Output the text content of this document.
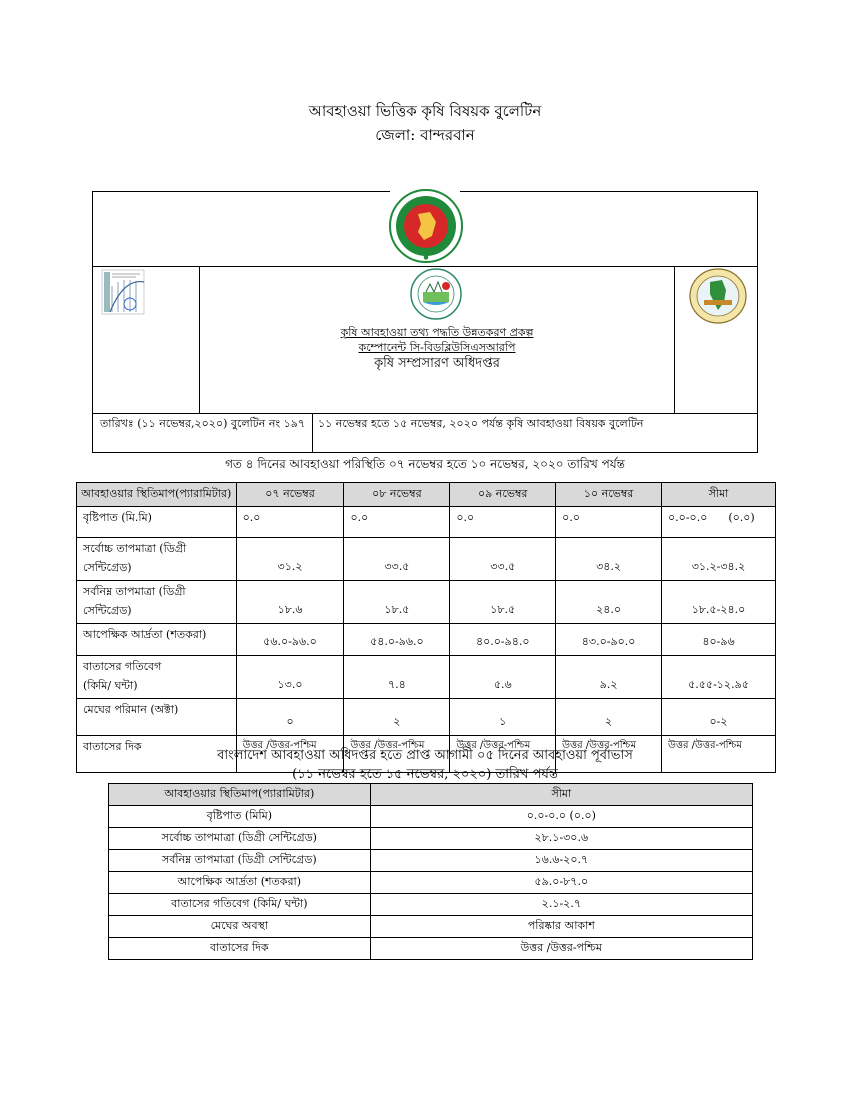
আবহাওয়া ভিত্তিক কৃষি বিষয়ক বুলেটিন
জেলা: বান্দরবান
●
কৃষি আবহাওয়া তথ্য পদ্ধতি উন্নতকরণ প্রকল্প
কম্পোনেন্ট সি-বিডব্লিউসিএসআরপি
কৃষি সম্প্রসারণ অধিদপ্তর
তারিখঃ (১১ নভেম্বর,২০২০) বুলেটিন নং ১৯৭ ১১ নভেম্বর হতে ১৫ নভেম্বর, ২০২০ পর্যন্ত কৃষি আবহাওয়া বিষয়ক বুলেটিন
গত ৪ দিনের আবহাওয়া পরিস্থিতি ০৭ নভেম্বর হতে ১০ নভেম্বর, ২০২০ তারিখ পর্যন্ত
আবহাওয়ার স্থিতিমাপ(প্যারামিটার)	০৭ নভেম্বর	০৮ নভেম্বর	০৯ নভেম্বর	১০ নভেম্বর	সীমা
বৃষ্টিপাত (মি.মি)	০.০	০.০	০.০	০.০	০.০-০.০      (০.০)
সর্বোচ্চ তাপমাত্রা (ডিগ্রী সেন্টিগ্রেড)	৩১.২	৩৩.৫	৩৩.৫	৩৪.২	৩১.২-৩৪.২
সর্বনিম্ন তাপমাত্রা (ডিগ্রী সেন্টিগ্রেড)	১৮.৬	১৮.৫	১৮.৫	২৪.০	১৮.৫-২৪.০
আপেক্ষিক আর্দ্রতা (শতকরা)	৫৬.০-৯৬.০	৫৪.০-৯৬.০	৪০.০-৯৪.০	৪৩.০-৯০.০	৪০-৯৬
বাতাসের গতিবেগ
(কিমি/ ঘন্টা)	১৩.০	৭.৪	৫.৬	৯.২	৫.৫৫-১২.৯৫
মেঘের পরিমান (অক্টা)	০	২	১	২	০-২
বাতাসের দিক	উত্তর /উত্তর-পশ্চিম	উত্তর /উত্তর-পশ্চিম	উত্তর /উত্তর-পশ্চিম	উত্তর /উত্তর-পশ্চিম	উত্তর /উত্তর-পশ্চিম
বাংলাদেশ আবহাওয়া অধিদপ্তর হতে প্রাপ্ত আগামী ০৫ দিনের আবহাওয়া পূর্বাভাস
(১১ নভেম্বর হতে ১৫ নভেম্বর, ২০২০) তারিখ পর্যন্ত
আবহাওয়ার স্থিতিমাপ(প্যারামিটার)	সীমা
বৃষ্টিপাত (মিমি)	০.০-০.০ (০.০)
সর্বোচ্চ তাপমাত্রা (ডিগ্রী সেন্টিগ্রেড)	২৮.১-৩০.৬
সর্বনিম্ন তাপমাত্রা (ডিগ্রী সেন্টিগ্রেড)	১৬.৬-২০.৭
আপেক্ষিক আর্দ্রতা (শতকরা)	৫৯.০-৮৭.০
বাতাসের গতিবেগ (কিমি/ ঘন্টা)	২.১-২.৭
মেঘের অবস্থা	পরিষ্কার আকাশ
বাতাসের দিক	উত্তর /উত্তর-পশ্চিম
